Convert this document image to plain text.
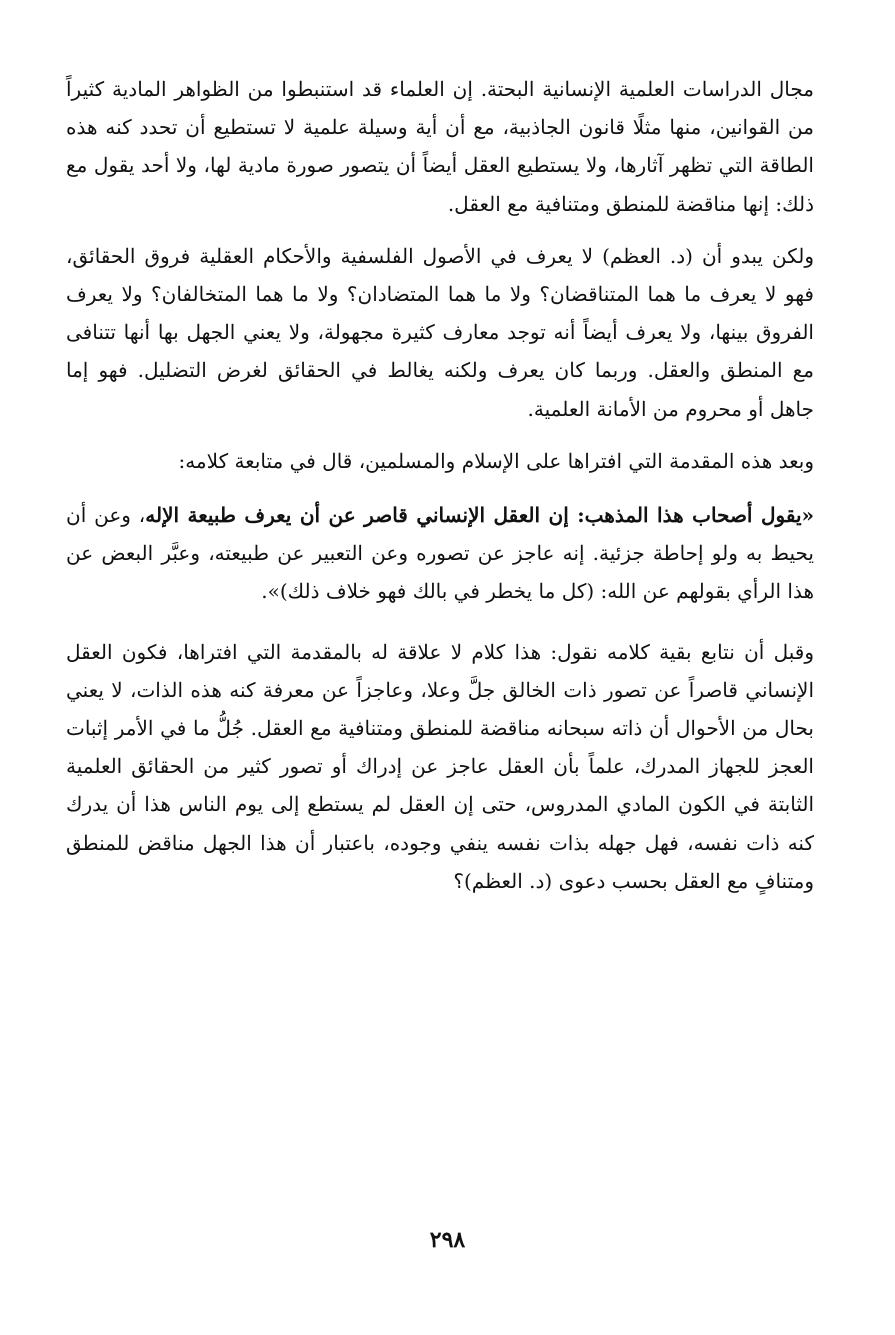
مجال الدراسات العلمية الإنسانية البحتة. إن العلماء قد استنبطوا من الظواهر المادية كثيراً من القوانين، منها مثلًا قانون الجاذبية، مع أن أية وسيلة علمية لا تستطيع أن تحدد كنه هذه الطاقة التي تظهر آثارها، ولا يستطيع العقل أيضاً أن يتصور صورة مادية لها، ولا أحد يقول مع ذلك: إنها مناقضة للمنطق ومتنافية مع العقل.

ولكن يبدو أن (د. العظم) لا يعرف في الأصول الفلسفية والأحكام العقلية فروق الحقائق، فهو لا يعرف ما هما المتناقضان؟ ولا ما هما المتضادان؟ ولا ما هما المتخالفان؟ ولا يعرف الفروق بينها، ولا يعرف أيضاً أنه توجد معارف كثيرة مجهولة، ولا يعني الجهل بها أنها تتنافى مع المنطق والعقل. وربما كان يعرف ولكنه يغالط في الحقائق لغرض التضليل. فهو إما جاهل أو محروم من الأمانة العلمية.

وبعد هذه المقدمة التي افتراها على الإسلام والمسلمين، قال في متابعة كلامه:

«يقول أصحاب هذا المذهب: إن العقل الإنساني قاصر عن أن يعرف طبيعة الإله، وعن أن يحيط به ولو إحاطة جزئية. إنه عاجز عن تصوره وعن التعبير عن طبيعته، وعبَّر البعض عن هذا الرأي بقولهم عن الله: (كل ما يخطر في بالك فهو خلاف ذلك)».

وقبل أن نتابع بقية كلامه نقول: هذا كلام لا علاقة له بالمقدمة التي افتراها، فكون العقل الإنساني قاصراً عن تصور ذات الخالق جلَّ وعلا، وعاجزاً عن معرفة كنه هذه الذات، لا يعني بحال من الأحوال أن ذاته سبحانه مناقضة للمنطق ومتنافية مع العقل. جُلُّ ما في الأمر إثبات العجز للجهاز المدرك، علماً بأن العقل عاجز عن إدراك أو تصور كثير من الحقائق العلمية الثابتة في الكون المادي المدروس، حتى إن العقل لم يستطع إلى يوم الناس هذا أن يدرك كنه ذات نفسه، فهل جهله بذات نفسه ينفي وجوده، باعتبار أن هذا الجهل مناقض للمنطق ومتنافٍ مع العقل بحسب دعوى (د. العظم)؟

٢٩٨
